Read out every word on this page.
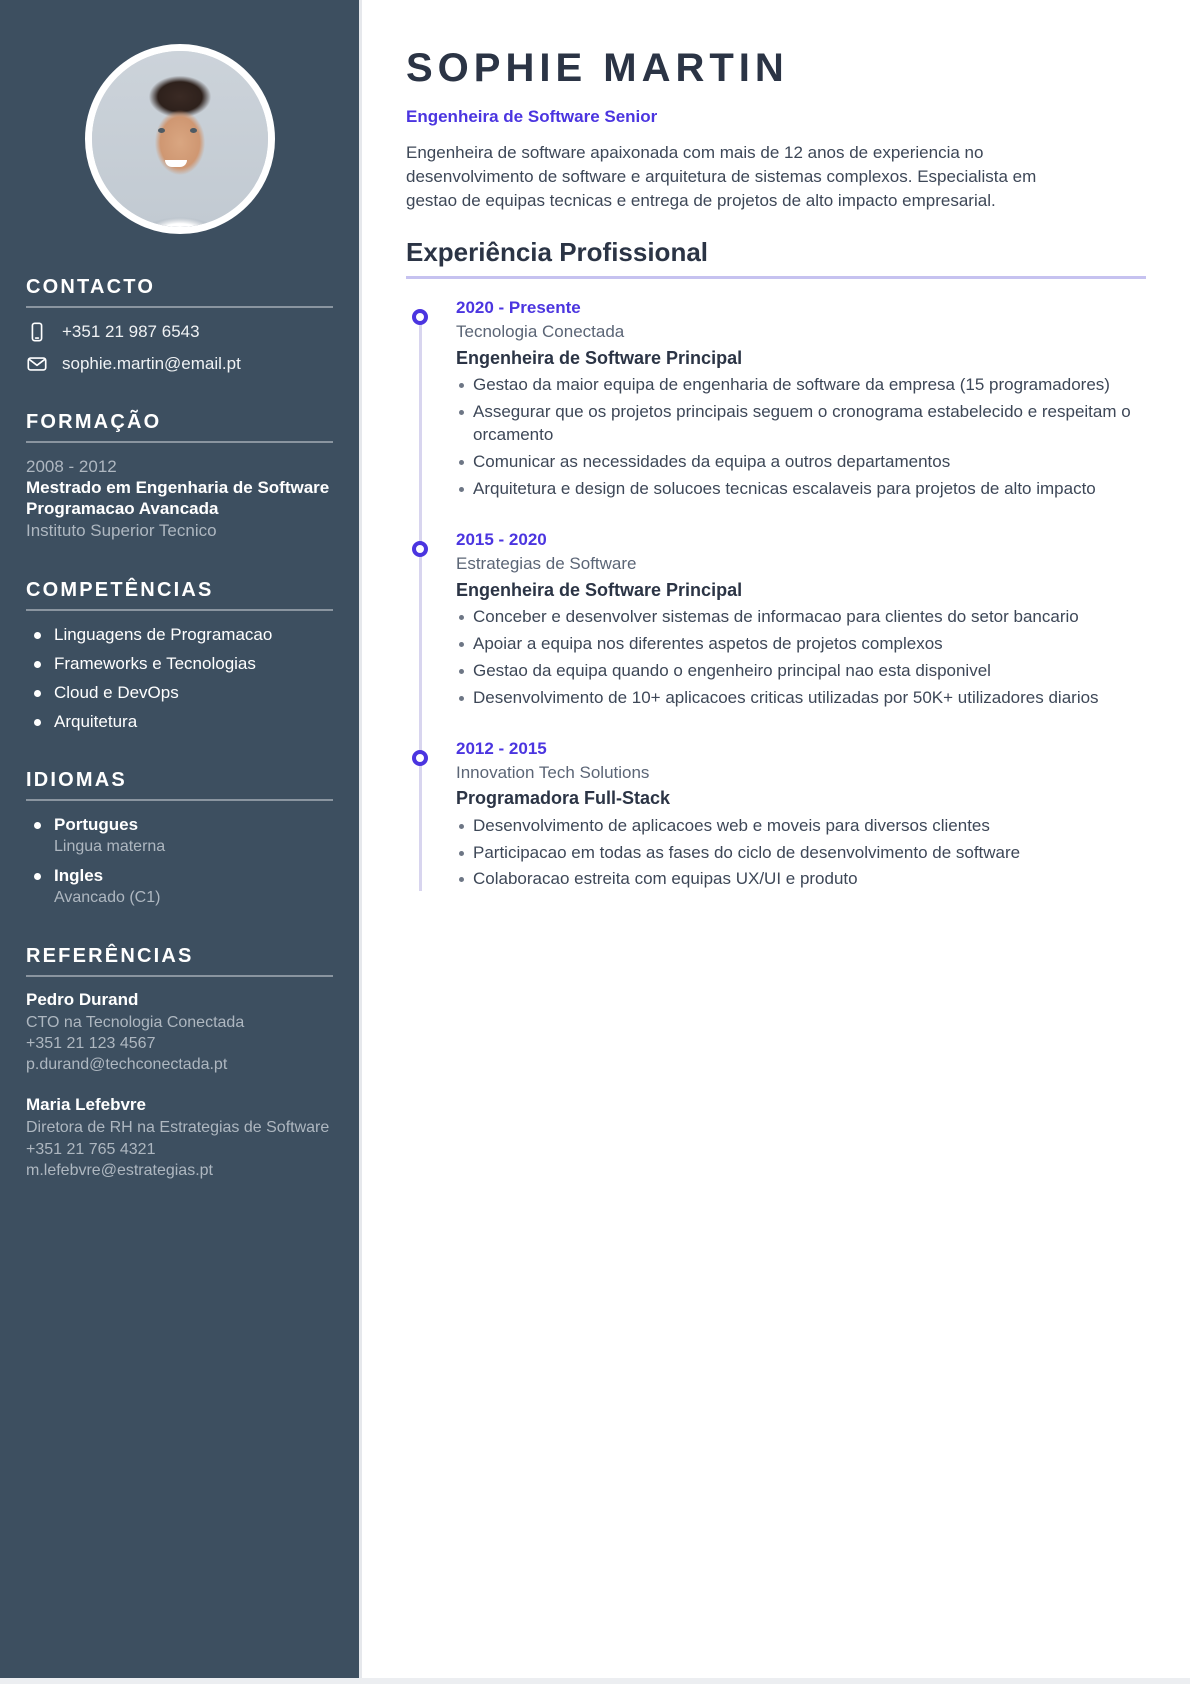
CONTACTO
+351 21 987 6543
sophie.martin@email.pt
FORMAÇÃO
2008 - 2012
Mestrado em Engenharia de Software Programacao Avancada
Instituto Superior Tecnico
COMPETÊNCIAS
Linguagens de Programacao
Frameworks e Tecnologias
Cloud e DevOps
Arquitetura
IDIOMAS
Portugues
Lingua materna
Ingles
Avancado (C1)
REFERÊNCIAS
Pedro Durand
CTO na Tecnologia Conectada
+351 21 123 4567
p.durand@techconectada.pt
Maria Lefebvre
Diretora de RH na Estrategias de Software
+351 21 765 4321
m.lefebvre@estrategias.pt
SOPHIE MARTIN
Engenheira de Software Senior

Engenheira de software apaixonada com mais de 12 anos de experiencia no desenvolvimento de software e arquitetura de sistemas complexos. Especialista em gestao de equipas tecnicas e entrega de projetos de alto impacto empresarial.

Experiência Profissional
2020 - Presente
Tecnologia Conectada
Engenheira de Software Principal
Gestao da maior equipa de engenharia de software da empresa (15 programadores)
Assegurar que os projetos principais seguem o cronograma estabelecido e respeitam o orcamento
Comunicar as necessidades da equipa a outros departamentos
Arquitetura e design de solucoes tecnicas escalaveis para projetos de alto impacto
2015 - 2020
Estrategias de Software
Engenheira de Software Principal
Conceber e desenvolver sistemas de informacao para clientes do setor bancario
Apoiar a equipa nos diferentes aspetos de projetos complexos
Gestao da equipa quando o engenheiro principal nao esta disponivel
Desenvolvimento de 10+ aplicacoes criticas utilizadas por 50K+ utilizadores diarios
2012 - 2015
Innovation Tech Solutions
Programadora Full-Stack
Desenvolvimento de aplicacoes web e moveis para diversos clientes
Participacao em todas as fases do ciclo de desenvolvimento de software
Colaboracao estreita com equipas UX/UI e produto
